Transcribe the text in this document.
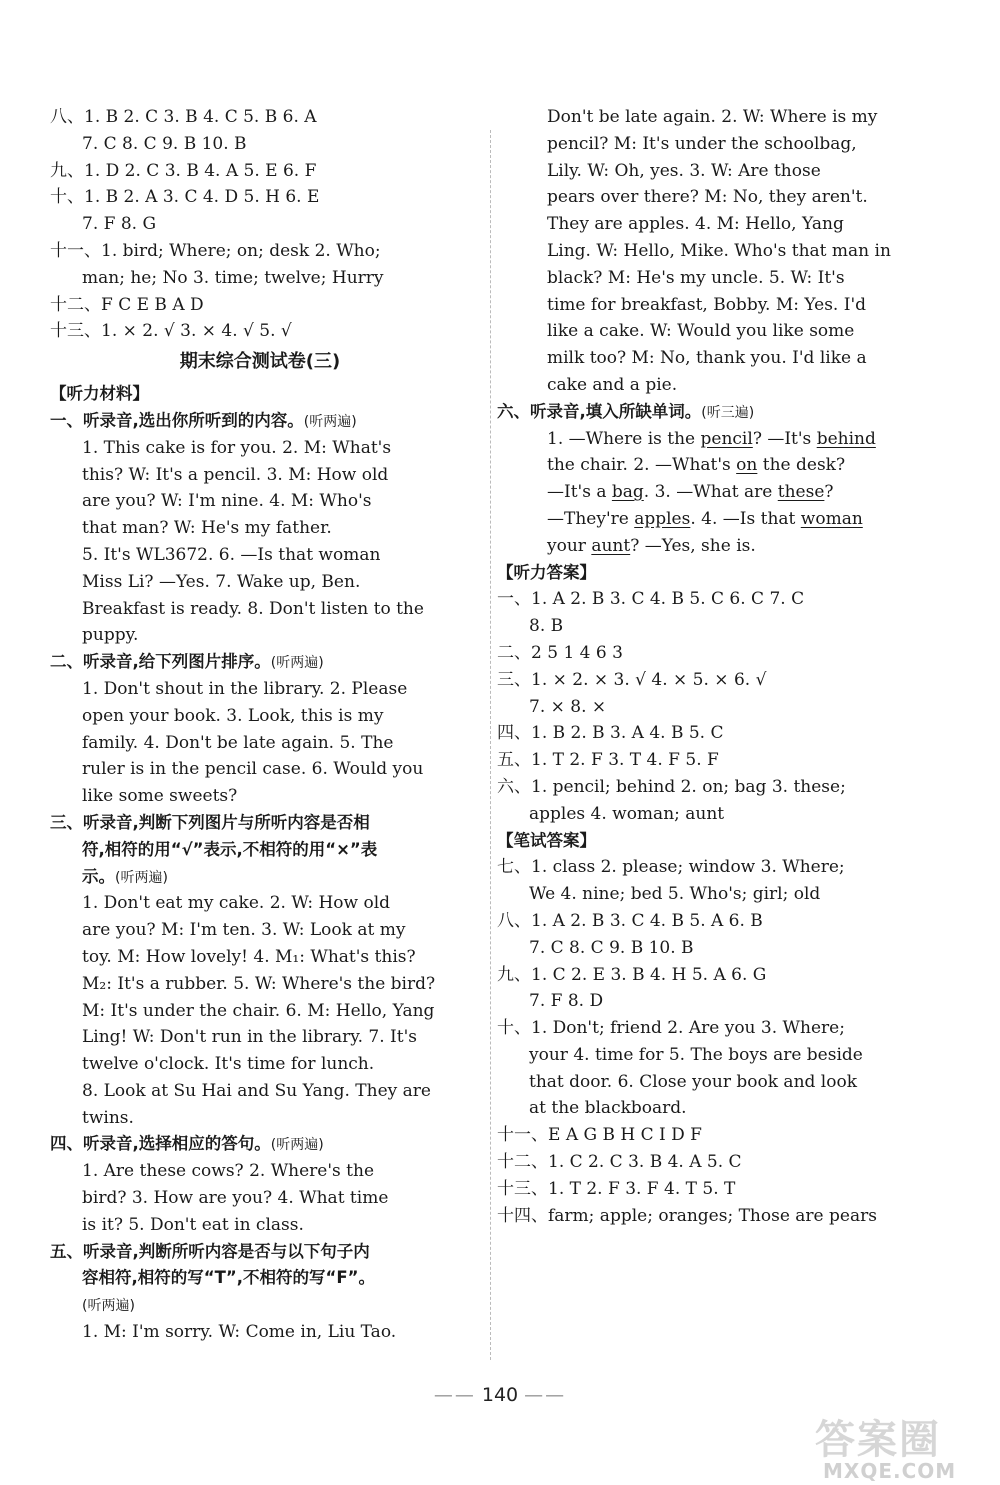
八、1. B 2. C 3. B 4. C 5. B 6. A
7. C 8. C 9. B 10. B
九、1. D 2. C 3. B 4. A 5. E 6. F
十、1. B 2. A 3. C 4. D 5. H 6. E
7. F 8. G
十一、1. bird; Where; on; desk 2. Who;
man; he; No 3. time; twelve; Hurry
十二、F C E B A D
十三、1. × 2. √ 3. × 4. √ 5. √
期末综合测试卷(三)
【听力材料】
一、听录音,选出你所听到的内容。(听两遍)
1. This cake is for you. 2. M: What's
this? W: It's a pencil. 3. M: How old
are you? W: I'm nine. 4. M: Who's
that man? W: He's my father.
5. It's WL3672. 6. —Is that woman
Miss Li? —Yes. 7. Wake up, Ben.
Breakfast is ready. 8. Don't listen to the
puppy.
二、听录音,给下列图片排序。(听两遍)
1. Don't shout in the library. 2. Please
open your book. 3. Look, this is my
family. 4. Don't be late again. 5. The
ruler is in the pencil case. 6. Would you
like some sweets?
三、听录音,判断下列图片与所听内容是否相
符,相符的用“√”表示,不相符的用“×”表
示。(听两遍)
1. Don't eat my cake. 2. W: How old
are you? M: I'm ten. 3. W: Look at my
toy. M: How lovely! 4. M₁: What's this?
M₂: It's a rubber. 5. W: Where's the bird?
M: It's under the chair. 6. M: Hello, Yang
Ling! W: Don't run in the library. 7. It's
twelve o'clock. It's time for lunch.
8. Look at Su Hai and Su Yang. They are
twins.
四、听录音,选择相应的答句。(听两遍)
1. Are these cows? 2. Where's the
bird? 3. How are you? 4. What time
is it? 5. Don't eat in class.
五、听录音,判断所听内容是否与以下句子内
容相符,相符的写“T”,不相符的写“F”。
(听两遍)
1. M: I'm sorry. W: Come in, Liu Tao.
Don't be late again. 2. W: Where is my
pencil? M: It's under the schoolbag,
Lily. W: Oh, yes. 3. W: Are those
pears over there? M: No, they aren't.
They are apples. 4. M: Hello, Yang
Ling. W: Hello, Mike. Who's that man in
black? M: He's my uncle. 5. W: It's
time for breakfast, Bobby. M: Yes. I'd
like a cake. W: Would you like some
milk too? M: No, thank you. I'd like a
cake and a pie.
六、听录音,填入所缺单词。(听三遍)
1. —Where is the pencil? —It's behind
the chair. 2. —What's on the desk?
—It's a bag. 3. —What are these?
—They're apples. 4. —Is that woman
your aunt? —Yes, she is.
【听力答案】
一、1. A 2. B 3. C 4. B 5. C 6. C 7. C
8. B
二、2 5 1 4 6 3
三、1. × 2. × 3. √ 4. × 5. × 6. √
7. × 8. ×
四、1. B 2. B 3. A 4. B 5. C
五、1. T 2. F 3. T 4. F 5. F
六、1. pencil; behind 2. on; bag 3. these;
apples 4. woman; aunt
【笔试答案】
七、1. class 2. please; window 3. Where;
We 4. nine; bed 5. Who's; girl; old
八、1. A 2. B 3. C 4. B 5. A 6. B
7. C 8. C 9. B 10. B
九、1. C 2. E 3. B 4. H 5. A 6. G
7. F 8. D
十、1. Don't; friend 2. Are you 3. Where;
your 4. time for 5. The boys are beside
that door. 6. Close your book and look
at the blackboard.
十一、E A G B H C I D F
十二、1. C 2. C 3. B 4. A 5. C
十三、1. T 2. F 3. F 4. T 5. T
十四、farm; apple; oranges; Those are pears
—— 140 ——
答案圈
MXQE.COM
